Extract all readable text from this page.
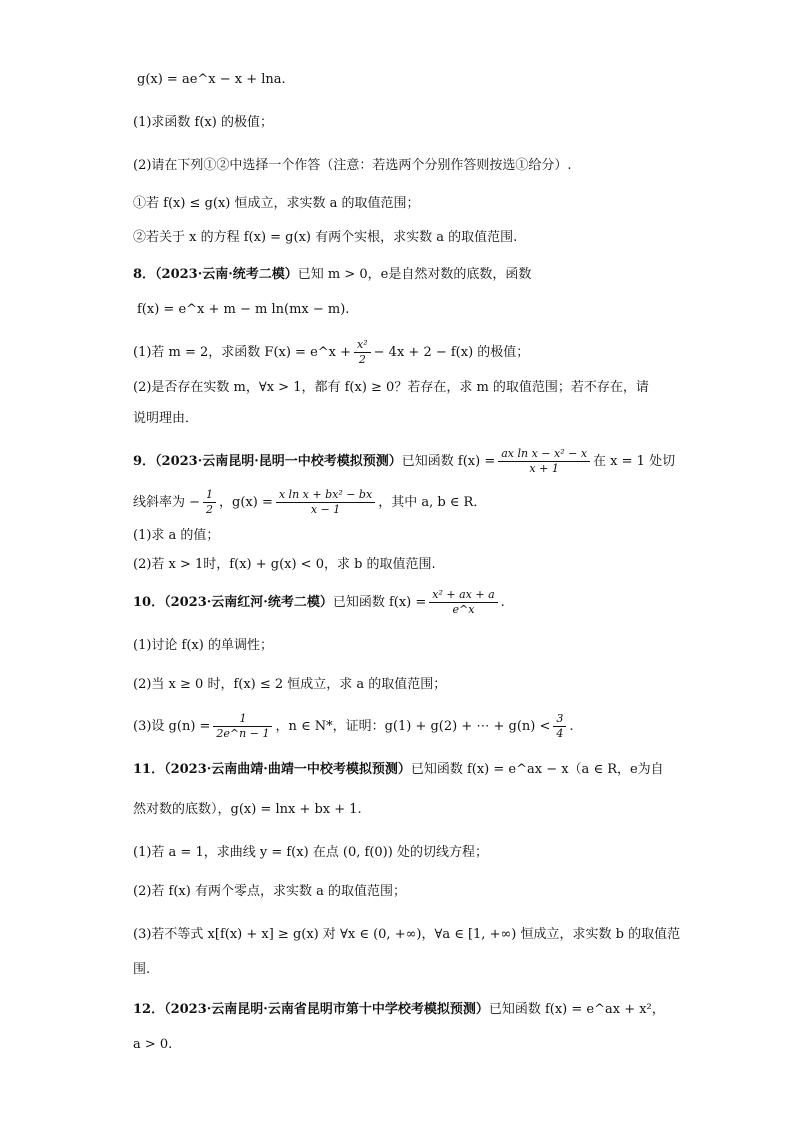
g(x) = ae^x − x + lna.
(1)求函数 f(x) 的极值；
(2)请在下列①②中选择一个作答（注意：若选两个分别作答则按选①给分）.
①若 f(x) ≤ g(x) 恒成立，求实数 a 的取值范围；
②若关于 x 的方程 f(x) = g(x) 有两个实根，求实数 a 的取值范围.
8．（2023·云南·统考二模）已知 m > 0，e是自然对数的底数，函数
f(x) = e^x + m − m ln(mx − m).
(1)若 m = 2，求函数 F(x) = e^x + $\frac{\text{x²}}{2} - 4x + 2 - f(x)$ 的极值；
(2)是否存在实数 m，∀x > 1，都有 f(x) ≥ 0？若存在，求 m 的取值范围；若不存在，请
说明理由．
9．（2023·云南昆明·昆明一中校考模拟预测）已知函数 $f(x) = \frac{\text{ax ln x − x² − x}}{x + 1}$ 在 x = 1 处切
线斜率为 − $\frac{1}{2}$ ，$g(x) = \frac{\text{x ln x + bx² − bx}}{x - 1}$ ，其中 a, b ∈ R．
(1)求 a 的值；
(2)若 x > 1时，f(x) + g(x) < 0，求 b 的取值范围.
10．（2023·云南红河·统考二模）已知函数 $f(x) = \frac{\text{x² + ax + a}}{e\^{}x}$ .
(1)讨论 f(x) 的单调性；
(2)当 x ≥ 0 时，f(x) ≤ 2 恒成立，求 a 的取值范围；
(3)设 $g(n) = \frac{1}{2e\^{}n - 1}$ ，n ∈ N*，证明：g(1) + g(2) + ⋯ + $g(n) < \frac{3}{4}$ .
11．（2023·云南曲靖·曲靖一中校考模拟预测）已知函数 f(x) = e^ax − x（a ∈ R，e为自
然对数的底数），g(x) = lnx + bx + 1.
(1)若 a = 1，求曲线 y = f(x) 在点 (0, f(0)) 处的切线方程；
(2)若 f(x) 有两个零点，求实数 a 的取值范围；
(3)若不等式 x[f(x) + x] ≥ g(x) 对 ∀x ∈ (0, +∞)，∀a ∈ [1, +∞) 恒成立，求实数 b 的取值范
围.
12．（2023·云南昆明·云南省昆明市第十中学校考模拟预测）已知函数 f(x) = e^ax + x²，
a > 0.
